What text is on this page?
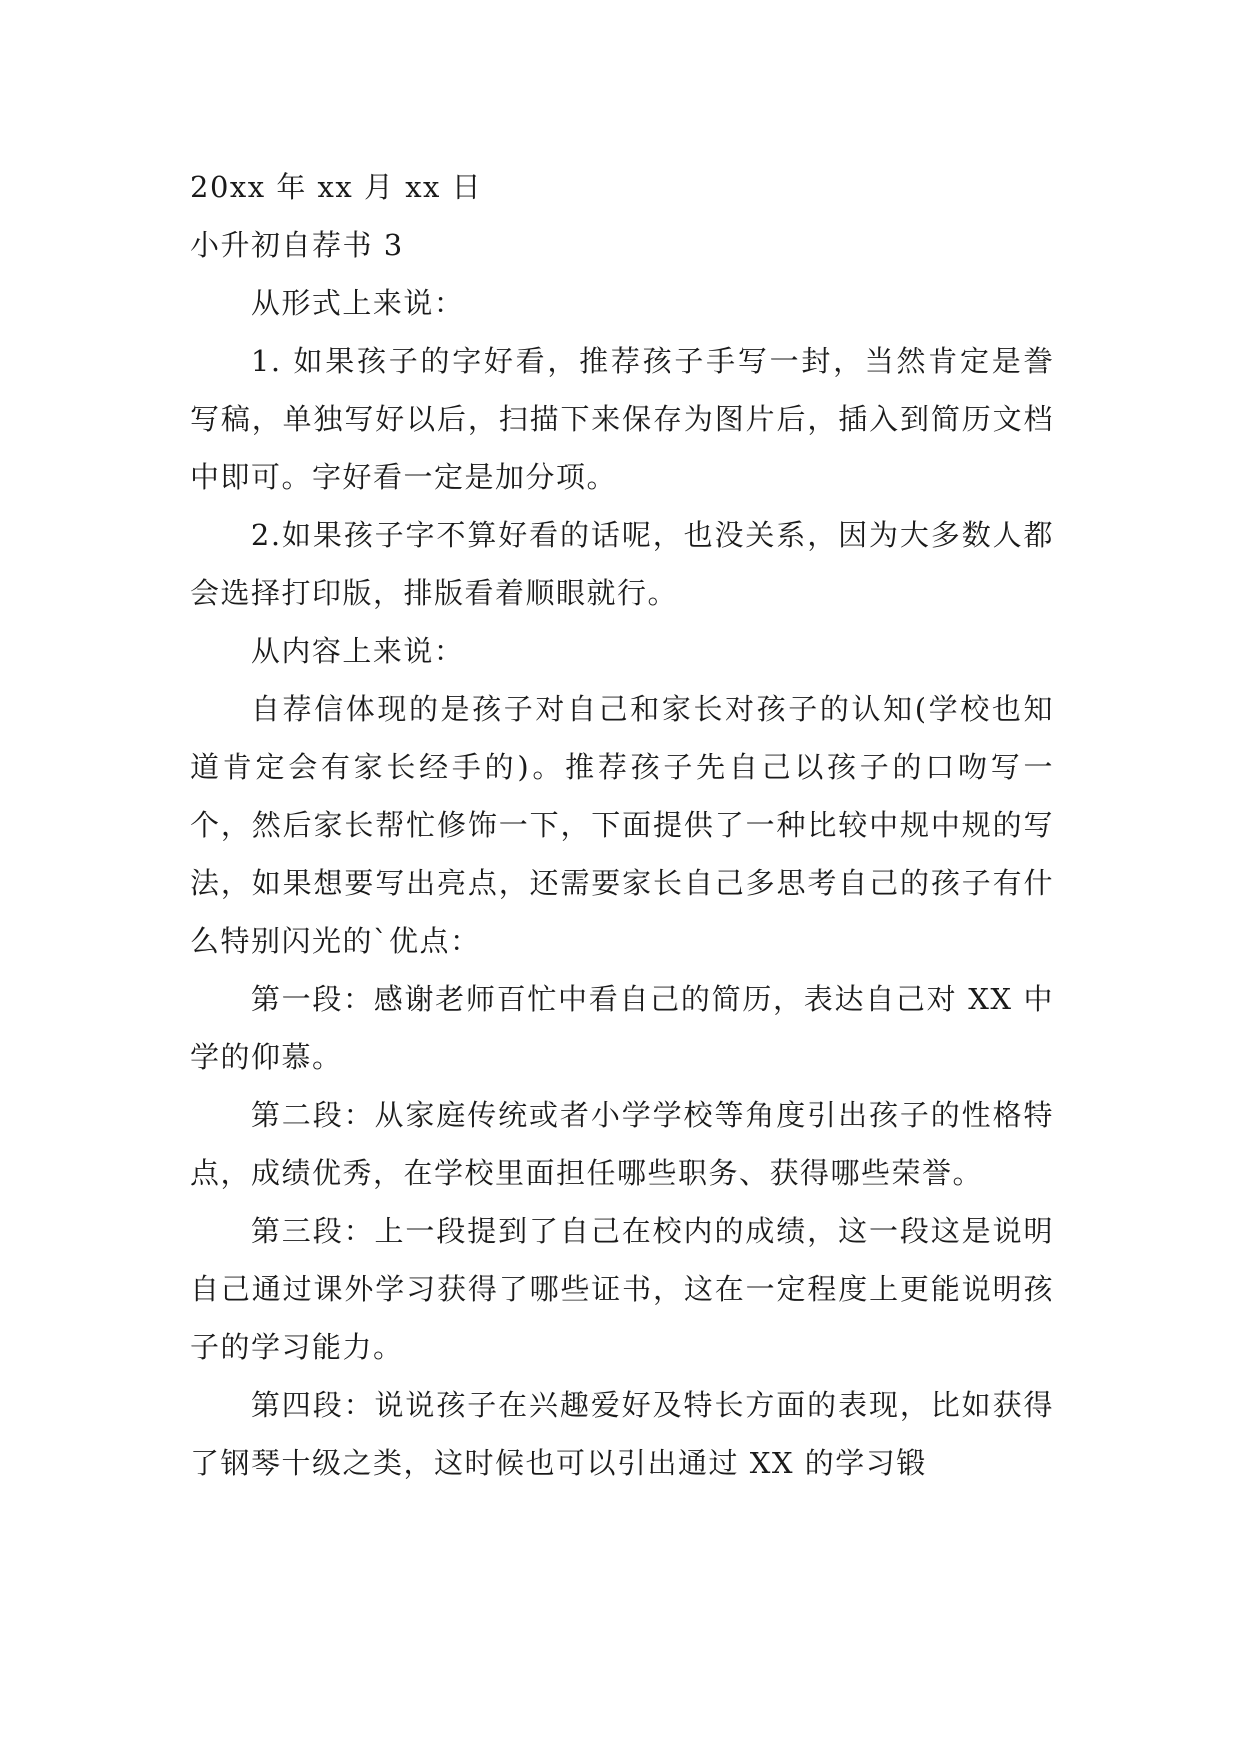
20xx 年 xx 月 xx 日

小升初自荐书 3

从形式上来说：

1. 如果孩子的字好看，推荐孩子手写一封，当然肯定是誊写稿，单独写好以后，扫描下来保存为图片后，插入到简历文档中即可。字好看一定是加分项。

2.如果孩子字不算好看的话呢，也没关系，因为大多数人都会选择打印版，排版看着顺眼就行。

从内容上来说：

自荐信体现的是孩子对自己和家长对孩子的认知(学校也知道肯定会有家长经手的)。推荐孩子先自己以孩子的口吻写一个，然后家长帮忙修饰一下，下面提供了一种比较中规中规的写法，如果想要写出亮点，还需要家长自己多思考自己的孩子有什么特别闪光的`优点：

第一段：感谢老师百忙中看自己的简历，表达自己对 XX 中学的仰慕。

第二段：从家庭传统或者小学学校等角度引出孩子的性格特点，成绩优秀，在学校里面担任哪些职务、获得哪些荣誉。

第三段：上一段提到了自己在校内的成绩，这一段这是说明自己通过课外学习获得了哪些证书，这在一定程度上更能说明孩子的学习能力。

第四段：说说孩子在兴趣爱好及特长方面的表现，比如获得了钢琴十级之类，这时候也可以引出通过 XX 的学习锻
